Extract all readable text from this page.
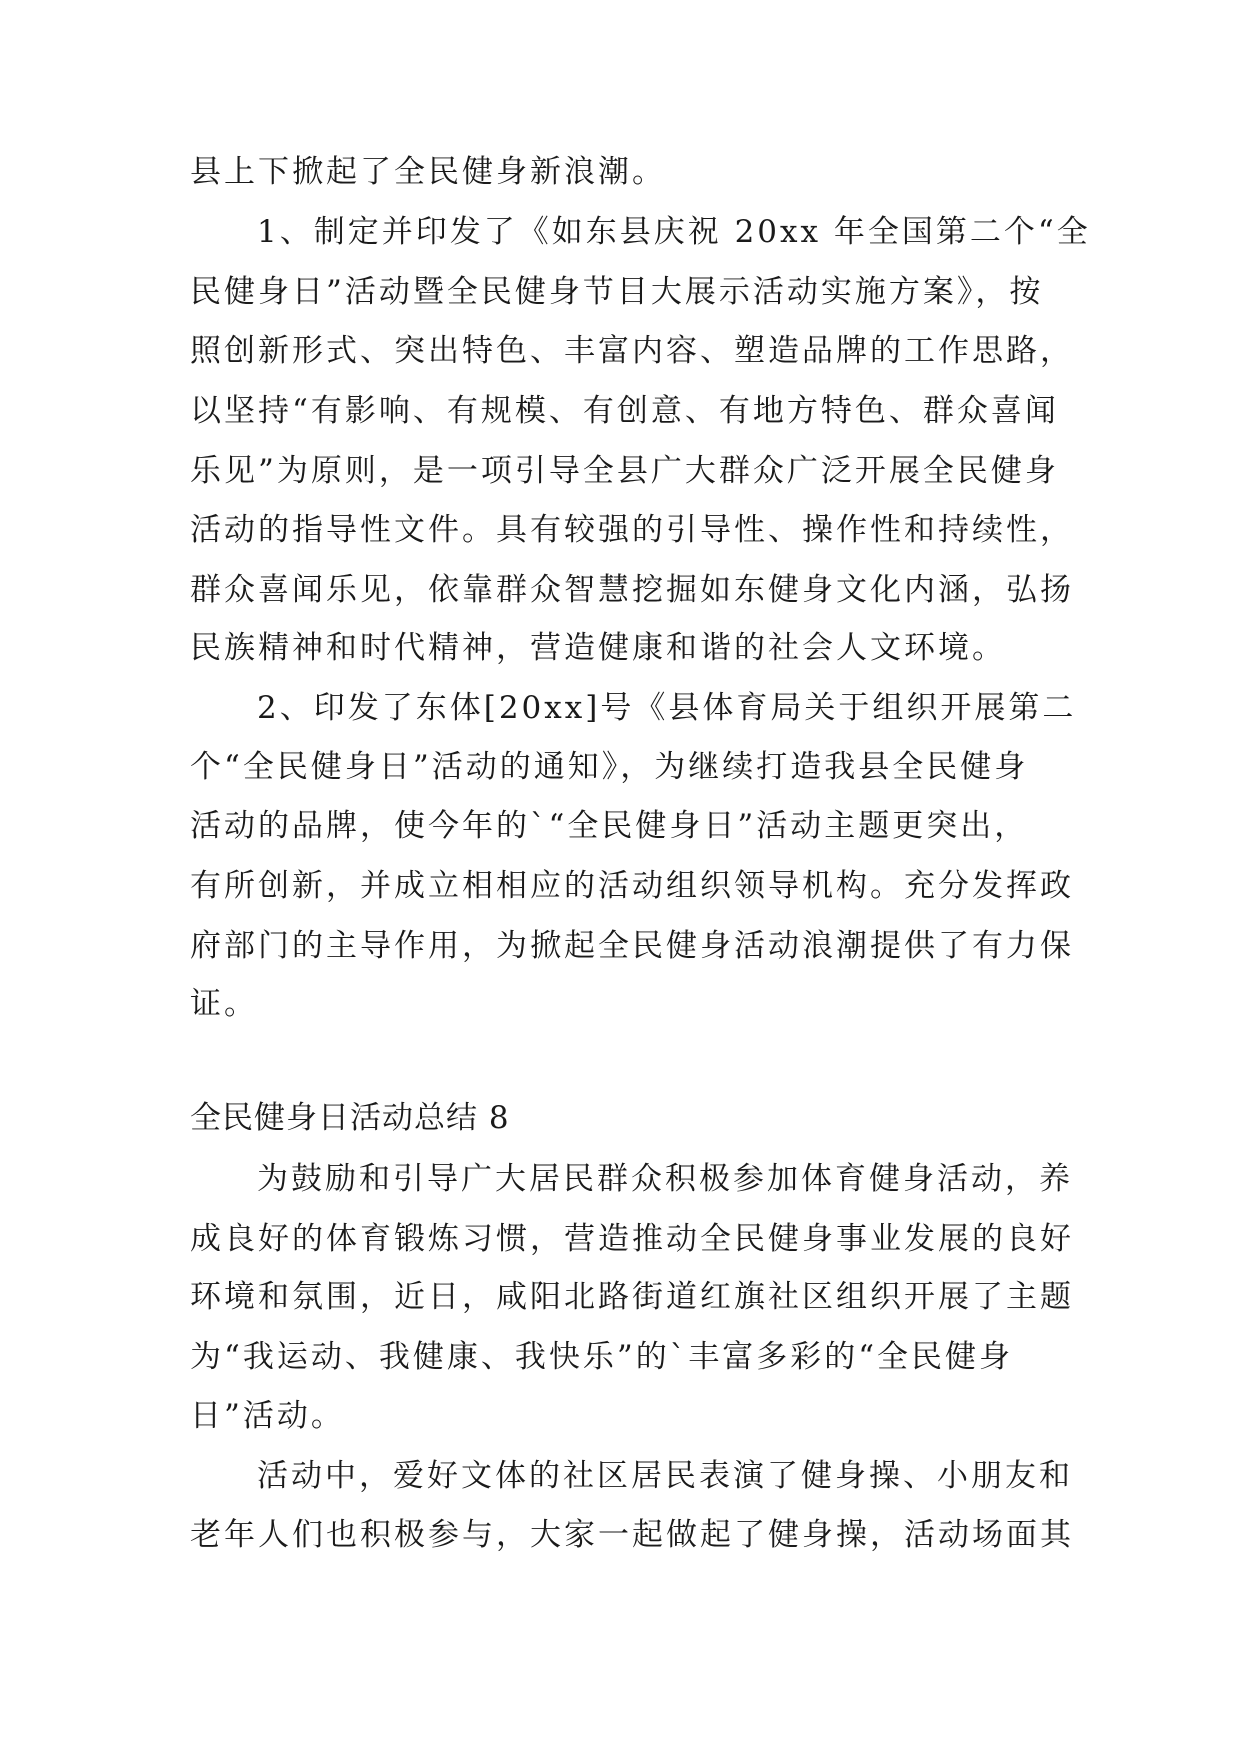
县上下掀起了全民健身新浪潮。
1、制定并印发了《如东县庆祝 20xx 年全国第二个“全
民健身日”活动暨全民健身节目大展示活动实施方案》，按
照创新形式、突出特色、丰富内容、塑造品牌的工作思路，
以坚持“有影响、有规模、有创意、有地方特色、群众喜闻
乐见”为原则，是一项引导全县广大群众广泛开展全民健身
活动的指导性文件。具有较强的引导性、操作性和持续性，
群众喜闻乐见，依靠群众智慧挖掘如东健身文化内涵，弘扬
民族精神和时代精神，营造健康和谐的社会人文环境。
2、印发了东体[20xx]号《县体育局关于组织开展第二
个“全民健身日”活动的通知》，为继续打造我县全民健身
活动的品牌，使今年的`“全民健身日”活动主题更突出，
有所创新，并成立相相应的活动组织领导机构。充分发挥政
府部门的主导作用，为掀起全民健身活动浪潮提供了有力保
证。
全民健身日活动总结 8
为鼓励和引导广大居民群众积极参加体育健身活动，养
成良好的体育锻炼习惯，营造推动全民健身事业发展的良好
环境和氛围，近日，咸阳北路街道红旗社区组织开展了主题
为“我运动、我健康、我快乐”的`丰富多彩的“全民健身
日”活动。
活动中，爱好文体的社区居民表演了健身操、小朋友和
老年人们也积极参与，大家一起做起了健身操，活动场面其
